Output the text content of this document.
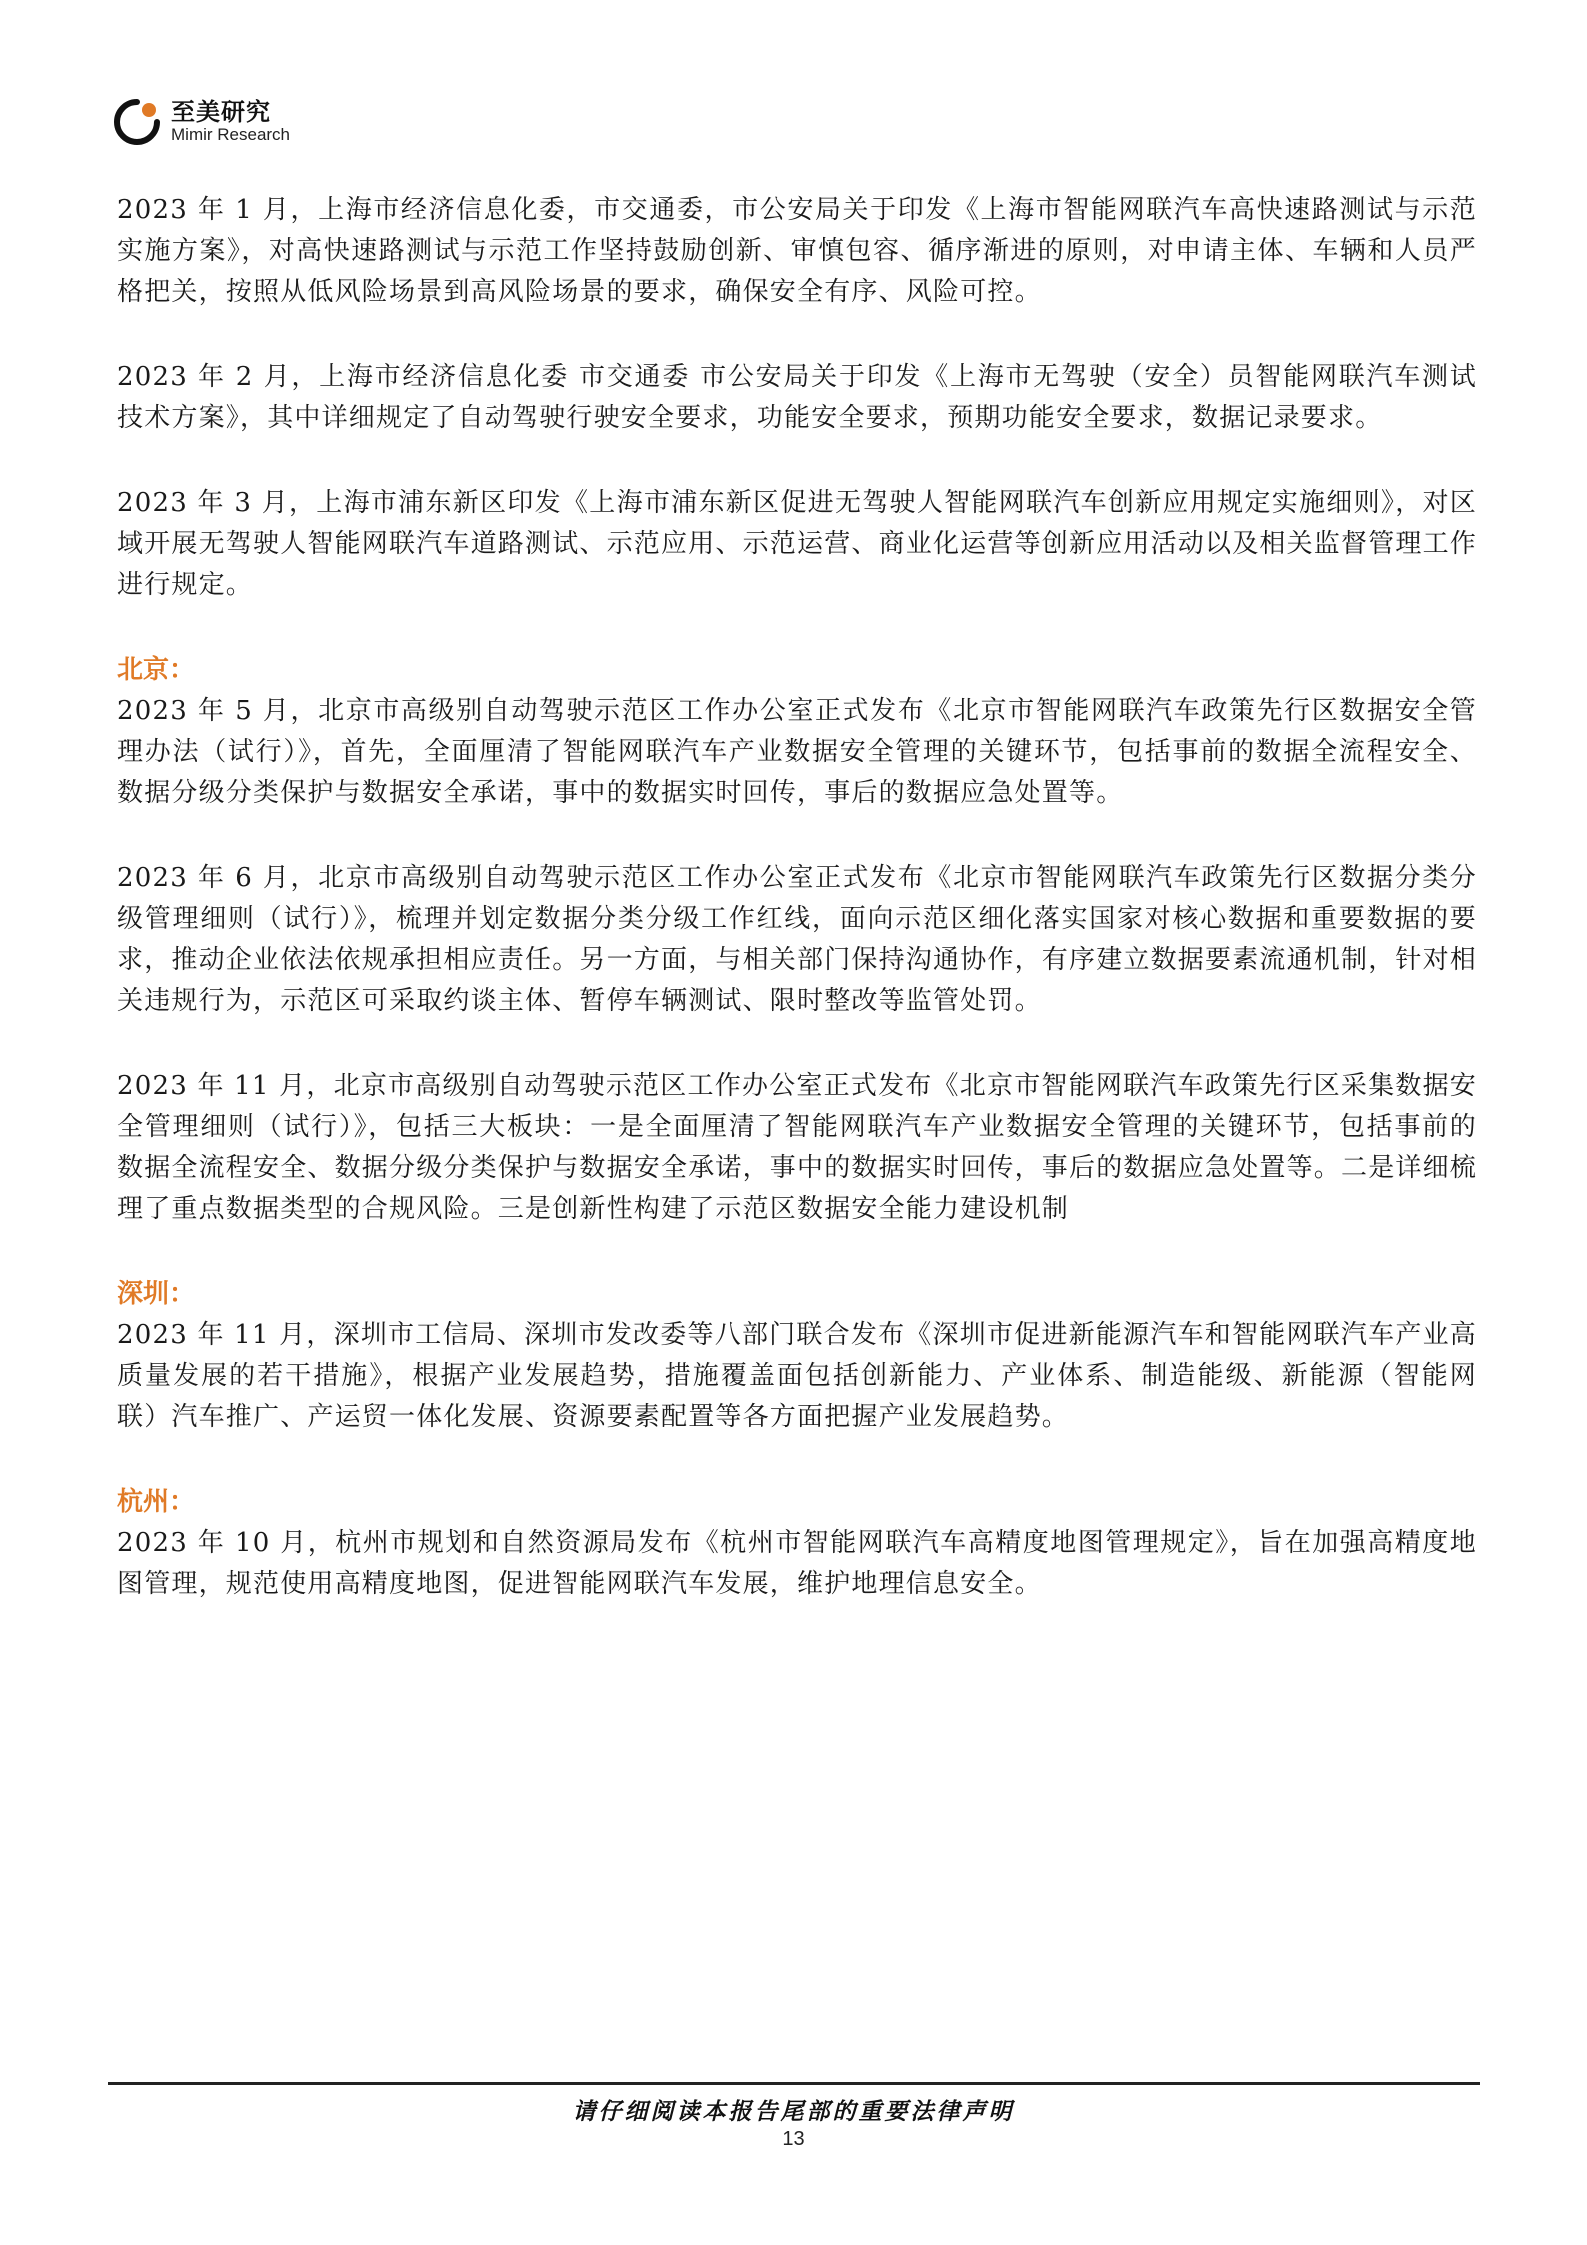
至美研究
Mimir Research

2023 年 1 月，上海市经济信息化委，市交通委，市公安局关于印发《上海市智能网联汽车高快速路测试与示范实施方案》，对高快速路测试与示范工作坚持鼓励创新、审慎包容、循序渐进的原则，对申请主体、车辆和人员严格把关，按照从低风险场景到高风险场景的要求，确保安全有序、风险可控。

2023 年 2 月，上海市经济信息化委 市交通委 市公安局关于印发《上海市无驾驶（安全）员智能网联汽车测试技术方案》，其中详细规定了自动驾驶行驶安全要求，功能安全要求，预期功能安全要求，数据记录要求。

2023 年 3 月，上海市浦东新区印发《上海市浦东新区促进无驾驶人智能网联汽车创新应用规定实施细则》，对区域开展无驾驶人智能网联汽车道路测试、示范应用、示范运营、商业化运营等创新应用活动以及相关监督管理工作进行规定。

北京：

2023 年 5 月，北京市高级别自动驾驶示范区工作办公室正式发布《北京市智能网联汽车政策先行区数据安全管理办法（试行）》，首先，全面厘清了智能网联汽车产业数据安全管理的关键环节，包括事前的数据全流程安全、数据分级分类保护与数据安全承诺，事中的数据实时回传，事后的数据应急处置等。

2023 年 6 月，北京市高级别自动驾驶示范区工作办公室正式发布《北京市智能网联汽车政策先行区数据分类分级管理细则（试行）》，梳理并划定数据分类分级工作红线，面向示范区细化落实国家对核心数据和重要数据的要求，推动企业依法依规承担相应责任。另一方面，与相关部门保持沟通协作，有序建立数据要素流通机制，针对相关违规行为，示范区可采取约谈主体、暂停车辆测试、限时整改等监管处罚。

2023 年 11 月，北京市高级别自动驾驶示范区工作办公室正式发布《北京市智能网联汽车政策先行区采集数据安全管理细则（试行）》，包括三大板块：一是全面厘清了智能网联汽车产业数据安全管理的关键环节，包括事前的数据全流程安全、数据分级分类保护与数据安全承诺，事中的数据实时回传，事后的数据应急处置等。二是详细梳理了重点数据类型的合规风险。三是创新性构建了示范区数据安全能力建设机制

深圳：

2023 年 11 月，深圳市工信局、深圳市发改委等八部门联合发布《深圳市促进新能源汽车和智能网联汽车产业高质量发展的若干措施》，根据产业发展趋势，措施覆盖面包括创新能力、产业体系、制造能级、新能源（智能网联）汽车推广、产运贸一体化发展、资源要素配置等各方面把握产业发展趋势。

杭州：

2023 年 10 月，杭州市规划和自然资源局发布《杭州市智能网联汽车高精度地图管理规定》，旨在加强高精度地图管理，规范使用高精度地图，促进智能网联汽车发展，维护地理信息安全。

请仔细阅读本报告尾部的重要法律声明
13
